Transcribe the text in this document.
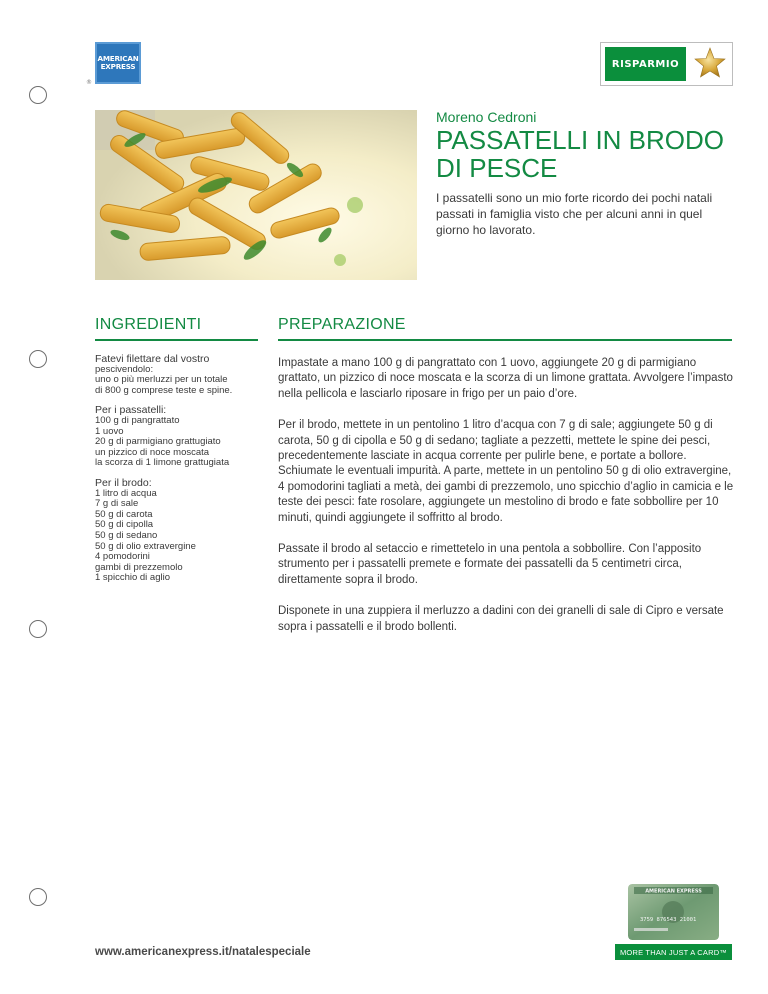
AMERICAN
EXPRESS
®
RISPARMIO
Moreno Cedroni
PASSATELLI IN BRODO DI PESCE
I passatelli sono un mio forte ricordo dei pochi natali passati in famiglia visto che per alcuni anni in quel giorno ho lavorato.
INGREDIENTI	PREPARAZIONE
Fatevi filettare dal vostro
pescivendolo:
uno o più merluzzi per un totale
di 800 g comprese teste e spine.
Per i passatelli:
100 g di pangrattato
1 uovo
20 g di parmigiano grattugiato
un pizzico di noce moscata
la scorza di 1 limone grattugiata
Per il brodo:
1 litro di acqua
7 g di sale
50 g di carota
50 g di cipolla
50 g di sedano
50 g di olio extravergine
4 pomodorini
gambi di prezzemolo
1 spicchio di aglio

Impastate a mano 100 g di pangrattato con 1 uovo, aggiungete 20 g di parmigiano grattato, un pizzico di noce moscata e la scorza di un limone grattata. Avvolgere l’impasto nella pellicola e lasciarlo riposare in frigo per un paio d’ore.

Per il brodo, mettete in un pentolino 1 litro d’acqua con 7 g di sale; aggiungete 50 g di carota, 50 g di cipolla e 50 g di sedano; tagliate a pezzetti, mettete le spine dei pesci, precedentemente lasciate in acqua corrente per pulirle bene, e portate a bollore. Schiumate le eventuali impurità. A parte, mettete in un pentolino 50 g di olio extravergine, 4 pomodorini tagliati a metà, dei gambi di prezzemolo, uno spicchio d’aglio in camicia e le teste dei pesci: fate rosolare, aggiungete un mestolino di brodo e fate sobbollire per 10 minuti, quindi aggiungete il soffritto al brodo.

Passate il brodo al setaccio e rimettetelo in una pentola a sobbollire. Con l’apposito strumento per i passatelli premete e formate dei passatelli da 5 centimetri circa, direttamente sopra il brodo.

Disponete in una zuppiera il merluzzo a dadini con dei granelli di sale di Cipro e versate sopra i passatelli e il brodo bollenti.

www.americanexpress.it/natalespeciale
AMERICAN EXPRESS
3759 876543 21001
MORE THAN JUST A CARD™
